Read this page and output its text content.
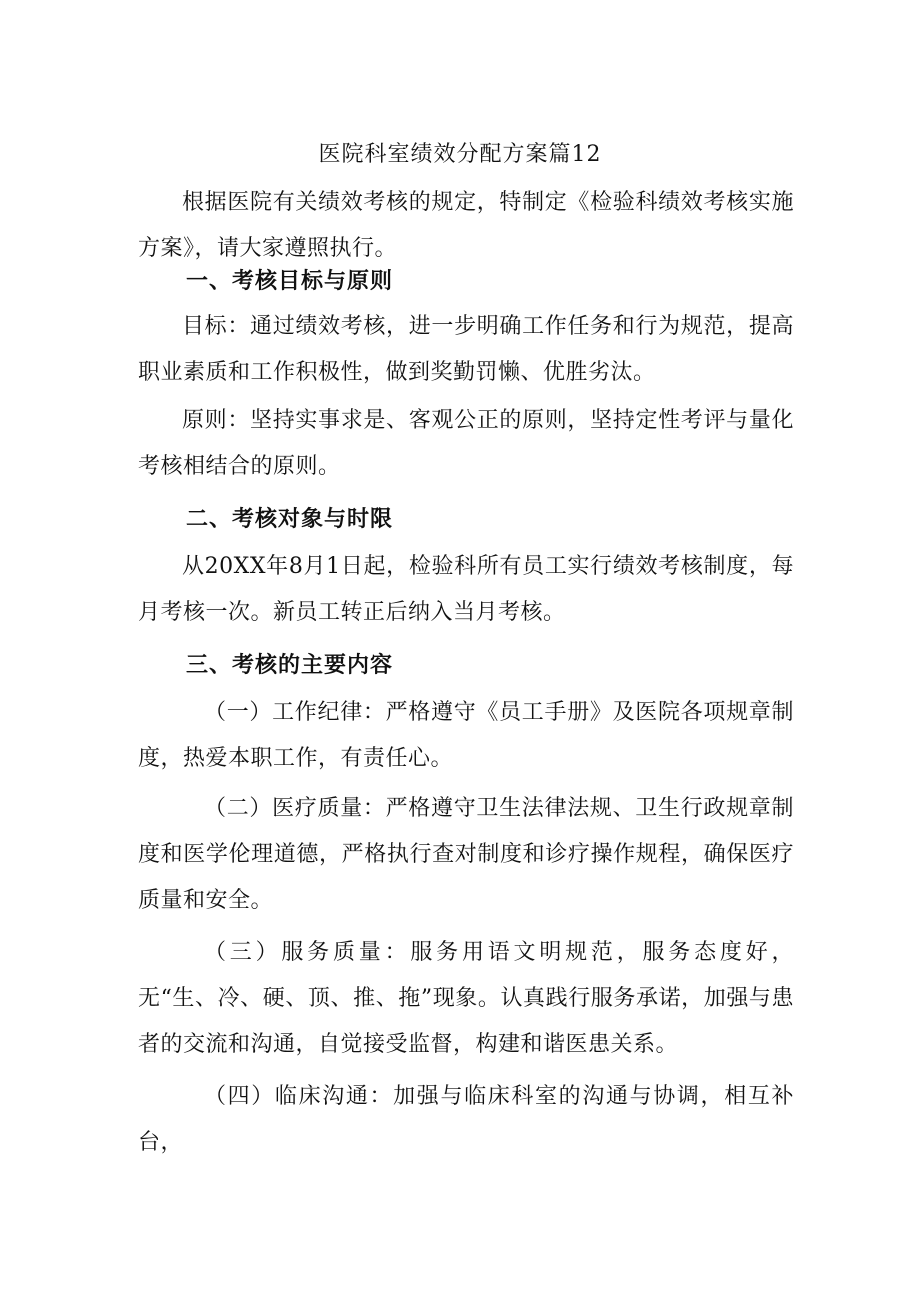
医院科室绩效分配方案篇12
根据医院有关绩效考核的规定，特制定《检验科绩效考核实施方案》，请大家遵照执行。
一、考核目标与原则
目标：通过绩效考核，进一步明确工作任务和行为规范，提高职业素质和工作积极性，做到奖勤罚懒、优胜劣汰。
原则：坚持实事求是、客观公正的原则，坚持定性考评与量化考核相结合的原则。
二、考核对象与时限
从20XX年8月1日起，检验科所有员工实行绩效考核制度，每月考核一次。新员工转正后纳入当月考核。
三、考核的主要内容
（一）工作纪律：严格遵守《员工手册》及医院各项规章制度，热爱本职工作，有责任心。
（二）医疗质量：严格遵守卫生法律法规、卫生行政规章制度和医学伦理道德，严格执行查对制度和诊疗操作规程，确保医疗质量和安全。
（三）服务质量：服务用语文明规范，服务态度好，无“生、冷、硬、顶、推、拖”现象。认真践行服务承诺，加强与患者的交流和沟通，自觉接受监督，构建和谐医患关系。
（四）临床沟通：加强与临床科室的沟通与协调，相互补台，
